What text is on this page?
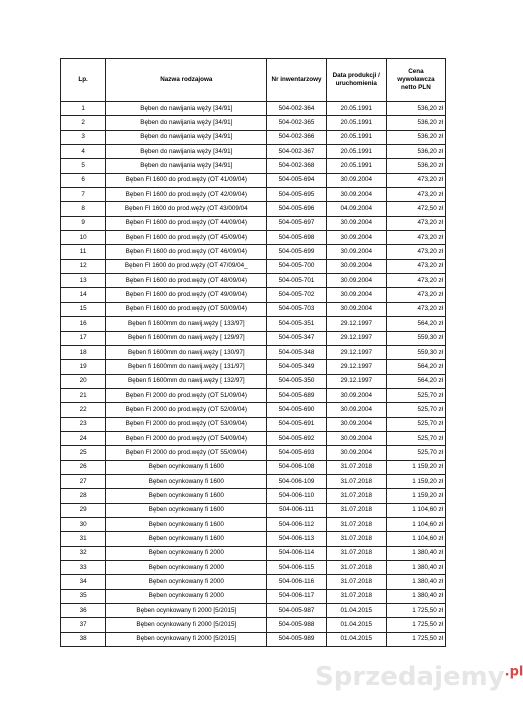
Lp.	Nazwa rodzajowa	Nr inwentarzowy	Data produkcji / uruchomienia	Cena wywoławcza netto PLN
1	Bęben do nawijania węży [34/91]	504-002-364	20.05.1991	536,20 zł
2	Bęben do nawijania węży [34/91]	504-002-365	20.05.1991	536,20 zł
3	Bęben do nawijania węży [34/91]	504-002-366	20.05.1991	536,20 zł
4	Bęben do nawijania węży [34/91]	504-002-367	20.05.1991	536,20 zł
5	Bęben do nawijania węży [34/91]	504-002-368	20.05.1991	536,20 zł
6	Bęben FI 1600 do prod.węży (OT 41/09/04)	504-005-694	30.09.2004	473,20 zł
7	Bęben FI 1600 do prod.węży (OT 42/09/04)	504-005-695	30.09.2004	473,20 zł
8	Bęben FI 1600 do prod.węży (OT 43/009/04	504-005-696	04.09.2004	472,50 zł
9	Bęben FI 1600 do prod.węży (OT 44/09/04)	504-005-697	30.09.2004	473,20 zł
10	Bęben FI 1600 do prod.węży (OT 45/09/04)	504-005-698	30.09.2004	473,20 zł
11	Bęben FI 1600 do prod.węży (OT 46/09/04)	504-005-699	30.09.2004	473,20 zł
12	Bęben FI 1600 do prod.węży (OT 47/09/04_	504-005-700	30.09.2004	473,20 zł
13	Bęben FI 1600 do prod.węży (OT 48/09/04)	504-005-701	30.09.2004	473,20 zł
14	Bęben FI 1600 do prod.węży (OT 49/09/04)	504-005-702	30.09.2004	473,20 zł
15	Bęben FI 1600 do prod.węży (OT 50/09/04)	504-005-703	30.09.2004	473,20 zł
16	Bęben fi 1600mm do nawij.węży [ 133/97]	504-005-351	29.12.1997	564,20 zł
17	Bęben fi 1600mm do nawij.węży [ 129/97]	504-005-347	29.12.1997	559,30 zł
18	Bęben fi 1600mm do nawij.węży [ 130/97]	504-005-348	29.12.1997	559,30 zł
19	Bęben fi 1600mm do nawij.węży [ 131/97]	504-005-349	29.12.1997	564,20 zł
20	Bęben fi 1600mm do nawij.węży [ 132/97]	504-005-350	29.12.1997	564,20 zł
21	Bęben FI 2000 do prod.węży (OT 51/09/04)	504-005-689	30.09.2004	525,70 zł
22	Bęben FI 2000 do prod.węży (OT 52/09/04)	504-005-690	30.09.2004	525,70 zł
23	Bęben FI 2000 do prod.węży (OT 53/09/04)	504-005-691	30.09.2004	525,70 zł
24	Bęben FI 2000 do prod.węży (OT 54/09/04)	504-005-692	30.09.2004	525,70 zł
25	Bęben FI 2000 do prod.węży (OT 55/09/04)	504-005-693	30.09.2004	525,70 zł
26	Bęben ocynkowany fi 1600	504-006-108	31.07.2018	1 159,20 zł
27	Bęben ocynkowany fi 1600	504-006-109	31.07.2018	1 159,20 zł
28	Bęben ocynkowany fi 1600	504-006-110	31.07.2018	1 159,20 zł
29	Bęben ocynkowany fi 1600	504-006-111	31.07.2018	1 104,60 zł
30	Bęben ocynkowany fi 1600	504-006-112	31.07.2018	1 104,60 zł
31	Bęben ocynkowany fi 1600	504-006-113	31.07.2018	1 104,60 zł
32	Bęben ocynkowany fi 2000	504-006-114	31.07.2018	1 380,40 zł
33	Bęben ocynkowany fi 2000	504-006-115	31.07.2018	1 380,40 zł
34	Bęben ocynkowany fi 2000	504-006-116	31.07.2018	1 380,40 zł
35	Bęben ocynkowany fi 2000	504-006-117	31.07.2018	1 380,40 zł
36	Bęben ocynkowany fi 2000 [5/2015]	504-005-987	01.04.2015	1 725,50 zł
37	Bęben ocynkowany fi 2000 [5/2015]	504-005-988	01.04.2015	1 725,50 zł
38	Bęben ocynkowany fi 2000 [5/2015]	504-005-989	01.04.2015	1 725,50 zł
Sprzedajemy$^{.pl}$
